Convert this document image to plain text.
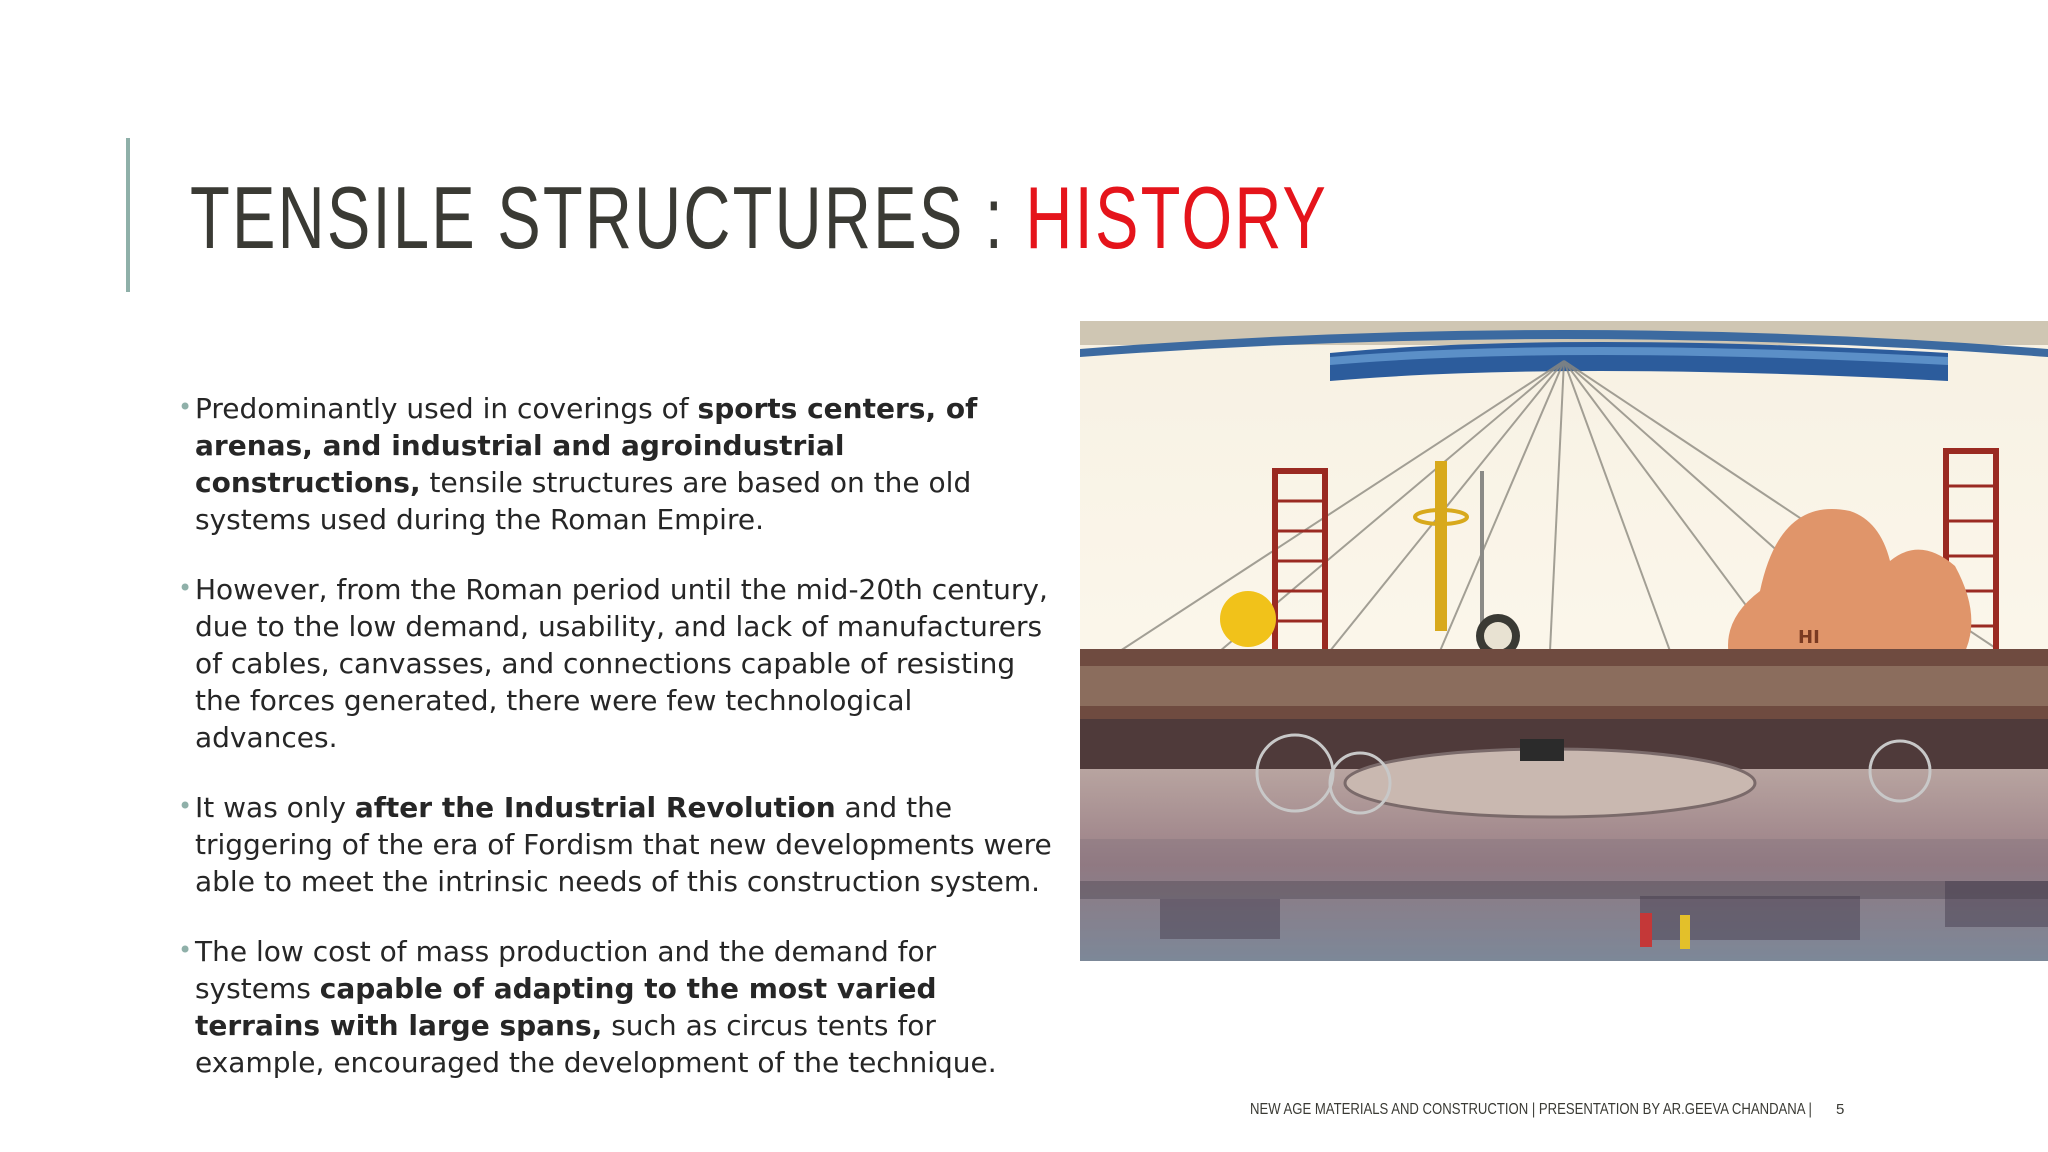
TENSILE STRUCTURES : HISTORY
• Predominantly used in coverings of sports centers, of arenas, and industrial and agroindustrial constructions, tensile structures are based on the old systems used during the Roman Empire.
• However, from the Roman period until the mid-20th century, due to the low demand, usability, and lack of manufacturers of cables, canvasses, and connections capable of resisting the forces generated, there were few technological advances.
• It was only after the Industrial Revolution and the triggering of the era of Fordism that new developments were able to meet the intrinsic needs of this construction system.
• The low cost of mass production and the demand for systems capable of adapting to the most varied terrains with large spans, such as circus tents for example, encouraged the development of the technique.
HI
NEW AGE MATERIALS AND CONSTRUCTION | PRESENTATION BY AR.GEEVA CHANDANA | 5
